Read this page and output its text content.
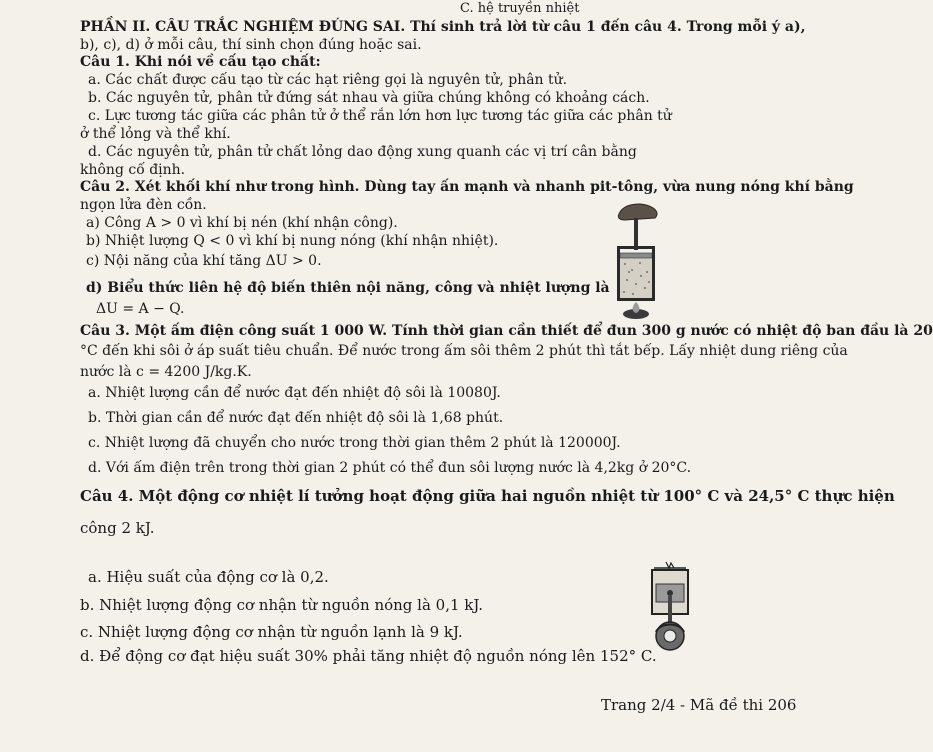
C. hệ truyền nhiệt
PHẦN II. CÂU TRẮC NGHIỆM ĐÚNG SAI. Thí sinh trả lời từ câu 1 đến câu 4. Trong mỗi ý a),
b), c), d) ở mỗi câu, thí sinh chọn đúng hoặc sai.
Câu 1. Khi nói về cấu tạo chất:
a. Các chất được cấu tạo từ các hạt riêng gọi là nguyên tử, phân tử.
b. Các nguyên tử, phân tử đứng sát nhau và giữa chúng không có khoảng cách.
c. Lực tương tác giữa các phân tử ở thể rắn lớn hơn lực tương tác giữa các phân tử
ở thể lỏng và thể khí.
d. Các nguyên tử, phân tử chất lỏng dao động xung quanh các vị trí cân bằng
không cố định.
Câu 2. Xét khối khí như trong hình. Dùng tay ấn mạnh và nhanh pit-tông, vừa nung nóng khí bằng
ngọn lửa đèn cồn.
a) Công A > 0 vì khí bị nén (khí nhận công).
b) Nhiệt lượng Q < 0 vì khí bị nung nóng (khí nhận nhiệt).
c) Nội năng của khí tăng ΔU > 0.
d) Biểu thức liên hệ độ biến thiên nội năng, công và nhiệt lượng là
ΔU = A − Q.
Câu 3. Một ấm điện công suất 1 000 W. Tính thời gian cần thiết để đun 300 g nước có nhiệt độ ban đầu là 20
°C đến khi sôi ở áp suất tiêu chuẩn. Để nước trong ấm sôi thêm 2 phút thì tắt bếp. Lấy nhiệt dung riêng của
nước là c = 4200 J/kg.K.
a. Nhiệt lượng cần để nước đạt đến nhiệt độ sôi là 10080J.
b. Thời gian cần để nước đạt đến nhiệt độ sôi là 1,68 phút.
c. Nhiệt lượng đã chuyển cho nước trong thời gian thêm 2 phút là 120000J.
d. Với ấm điện trên trong thời gian 2 phút có thể đun sôi lượng nước là 4,2kg ở 20°C.
Câu 4. Một động cơ nhiệt lí tưởng hoạt động giữa hai nguồn nhiệt từ 100° C và 24,5° C thực hiện
công 2 kJ.
a. Hiệu suất của động cơ là 0,2.
b. Nhiệt lượng động cơ nhận từ nguồn nóng là 0,1 kJ.
c. Nhiệt lượng động cơ nhận từ nguồn lạnh là 9 kJ.
d. Để động cơ đạt hiệu suất 30% phải tăng nhiệt độ nguồn nóng lên 152° C.
Trang 2/4 - Mã đề thi 206
